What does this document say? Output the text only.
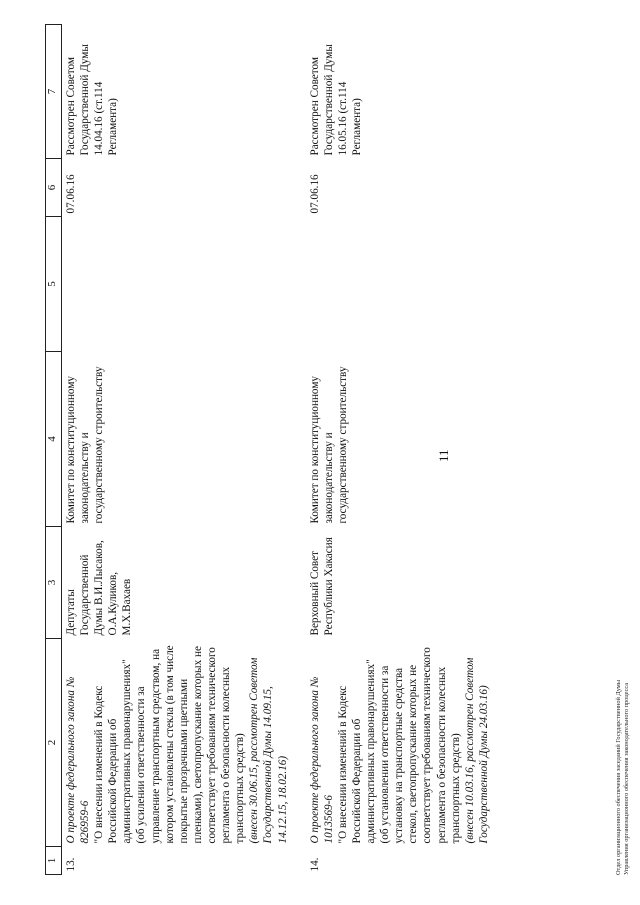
11
1	2	3	4	5	6	7
13.	О проекте федерального закона № 826959-6 "О внесении изменений в Кодекс Российской Федерации об административных правонарушениях" (об усилении ответственности за управление транспортным средством, на котором установлены стекла (в том числе покрытые прозрачными цветными пленками), светопропускание которых не соответствует требованиям технического регламента о безопасности колесных транспортных средств) (внесен 30.06.15, рассмотрен Советом Государственной Думы 14.09.15, 14.12.15, 18.02.16)	Депутаты Государственной Думы В.И.Лысаков, О.А.Куликов, М.Х.Вахаев	Комитет по конституционному законодательству и государственному строительству		07.06.16	Рассмотрен Советом Государственной Думы 14.04.16 (ст.114 Регламента)
14.	О проекте федерального закона № 1013569-6 "О внесении изменений в Кодекс Российской Федерации об административных правонарушениях" (об установлении ответственности за установку на транспортные средства стекол, светопропускание которых не соответствует требованиям технического регламента о безопасности колесных транспортных средств) (внесен 10.03.16, рассмотрен Советом Государственной Думы 24.03.16)	Верховный Совет Республики Хакасия	Комитет по конституционному законодательству и государственному строительству		07.06.16	Рассмотрен Советом Государственной Думы 16.05.16 (ст.114 Регламента)
Отдел организационного обеспечения заседаний Государственной Думы Управления организационного обеспечения законодательного процесса
